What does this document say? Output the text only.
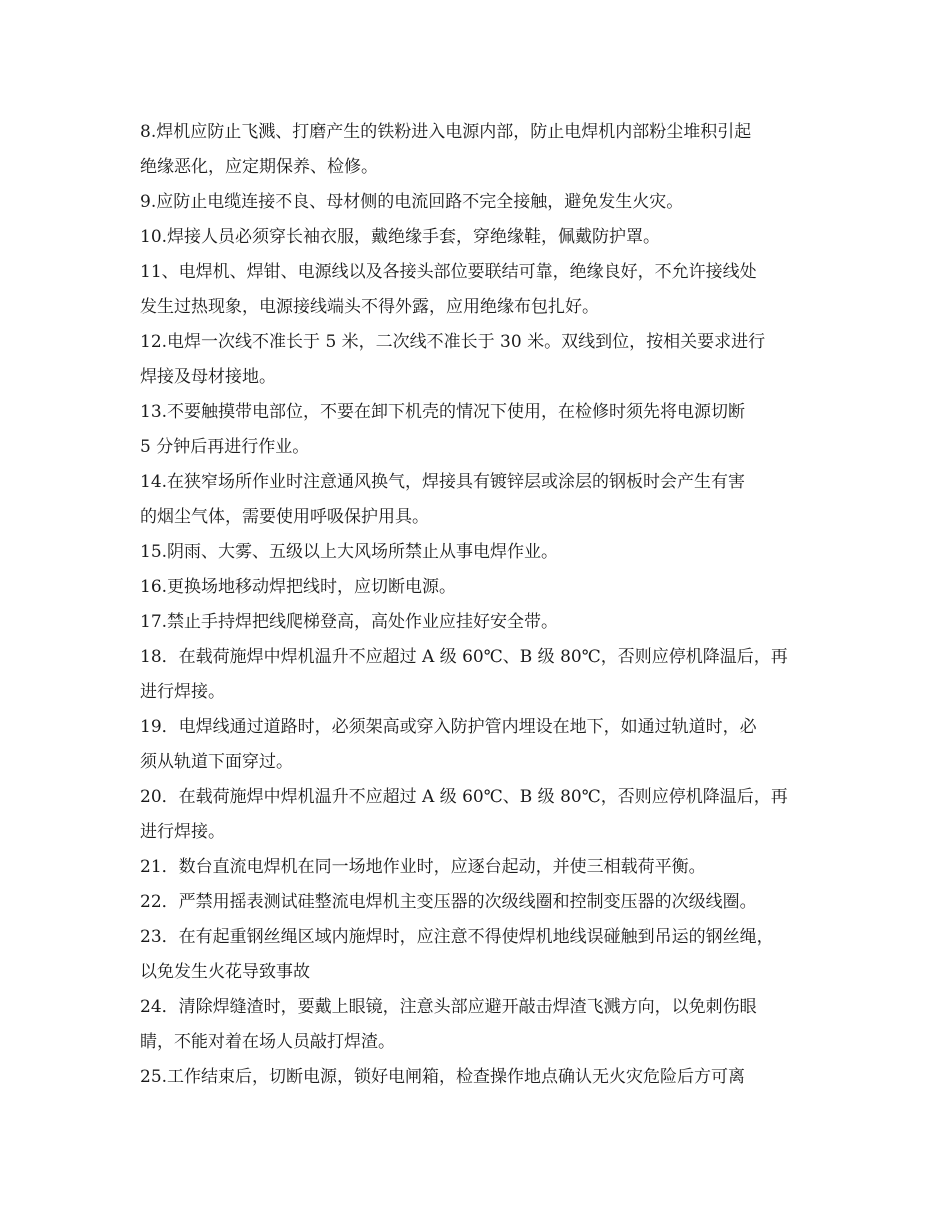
8.焊机应防止飞溅、打磨产生的铁粉进入电源内部，防止电焊机内部粉尘堆积引起
绝缘恶化，应定期保养、检修。
9.应防止电缆连接不良、母材侧的电流回路不完全接触，避免发生火灾。
10.焊接人员必须穿长袖衣服，戴绝缘手套，穿绝缘鞋，佩戴防护罩。
11、电焊机、焊钳、电源线以及各接头部位要联结可靠，绝缘良好，不允许接线处
发生过热现象，电源接线端头不得外露，应用绝缘布包扎好。
12.电焊一次线不准长于 5 米，二次线不准长于 30 米。双线到位，按相关要求进行
焊接及母材接地。
13.不要触摸带电部位，不要在卸下机壳的情况下使用，在检修时须先将电源切断
5 分钟后再进行作业。
14.在狭窄场所作业时注意通风换气，焊接具有镀锌层或涂层的钢板时会产生有害
的烟尘气体，需要使用呼吸保护用具。
15.阴雨、大雾、五级以上大风场所禁止从事电焊作业。
16.更换场地移动焊把线时，应切断电源。
17.禁止手持焊把线爬梯登高，高处作业应挂好安全带。
18．在载荷施焊中焊机温升不应超过 A 级 60℃、B 级 80℃，否则应停机降温后，再
进行焊接。
19．电焊线通过道路时，必须架高或穿入防护管内埋设在地下，如通过轨道时，必
须从轨道下面穿过。
20．在载荷施焊中焊机温升不应超过 A 级 60℃、B 级 80℃，否则应停机降温后，再
进行焊接。
21．数台直流电焊机在同一场地作业时，应逐台起动，并使三相载荷平衡。
22．严禁用摇表测试硅整流电焊机主变压器的次级线圈和控制变压器的次级线圈。
23．在有起重钢丝绳区域内施焊时，应注意不得使焊机地线误碰触到吊运的钢丝绳，
以免发生火花导致事故
24．清除焊缝渣时，要戴上眼镜，注意头部应避开敲击焊渣飞溅方向，以免刺伤眼
睛，不能对着在场人员敲打焊渣。
25.工作结束后，切断电源，锁好电闸箱，检查操作地点确认无火灾危险后方可离
